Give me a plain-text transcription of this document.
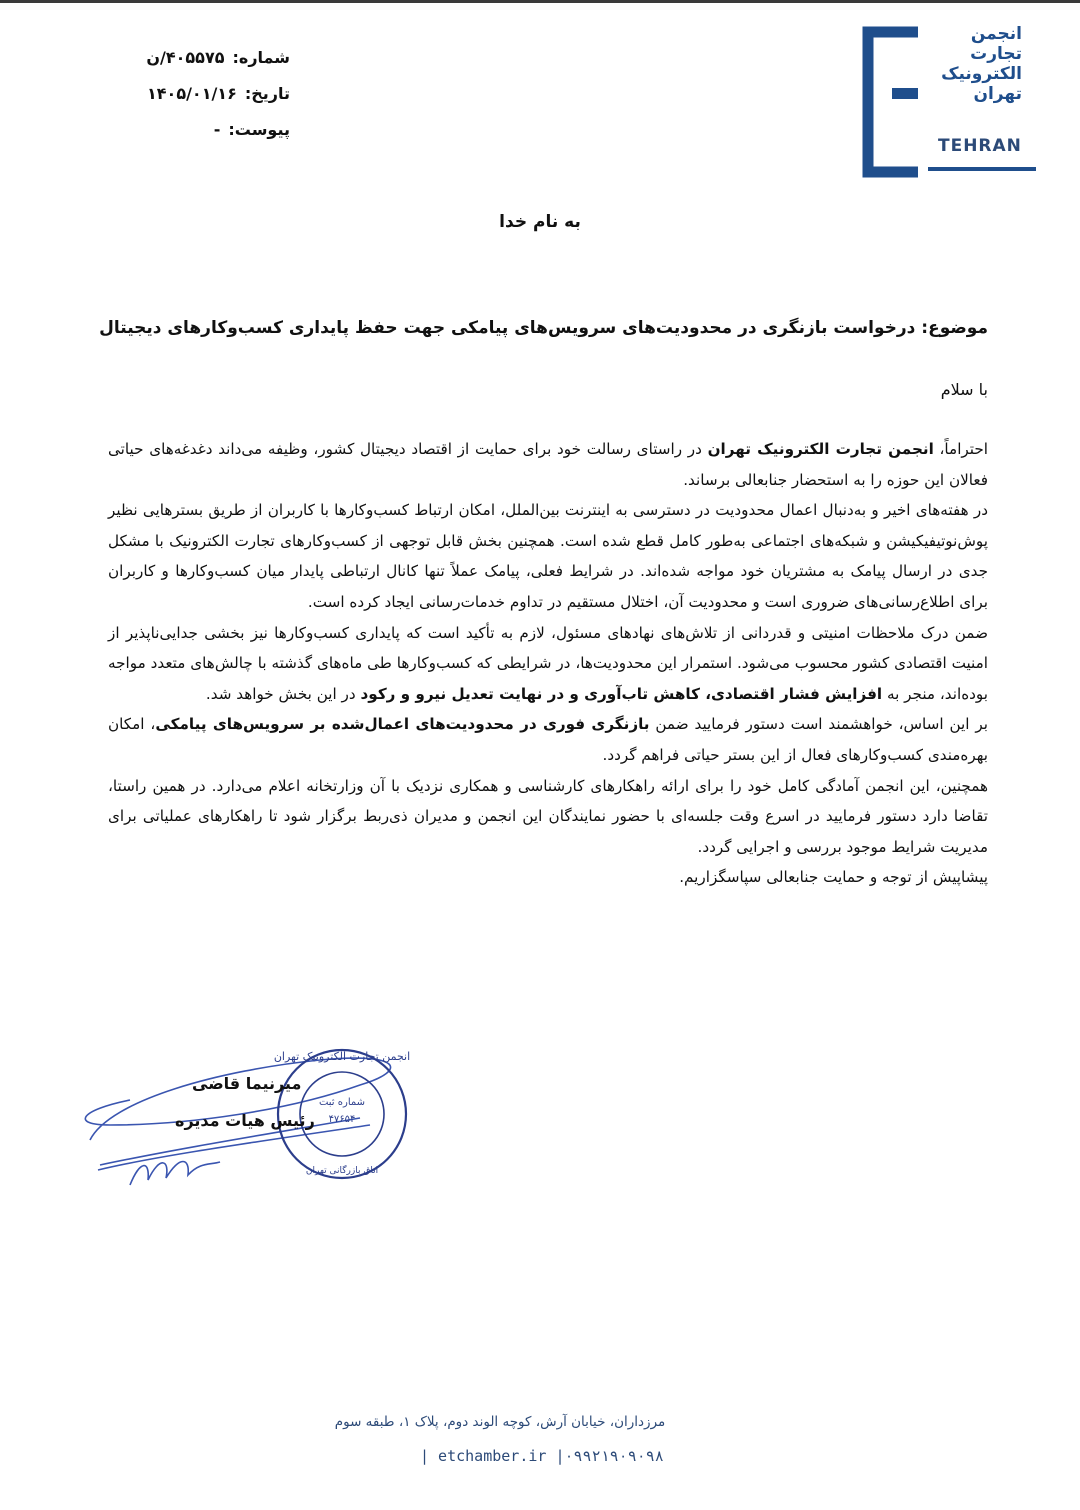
انجمن
تجارت
الکترونیک
تهران
TEHRAN
شماره:
۴۰۵۵۷۵/ن
تاریخ:
۱۴۰۵/۰۱/۱۶
پیوست:
-
به نام خدا
موضوع: درخواست بازنگری در محدودیت‌های سرویس‌های پیامکی جهت حفظ پایداری کسب‌وکارهای دیجیتال
با سلام

احتراماً، انجمن تجارت الکترونیک تهران در راستای رسالت خود برای حمایت از اقتصاد دیجیتال کشور، وظیفه می‌داند دغدغه‌های حیاتی فعالان این حوزه را به استحضار جنابعالی برساند.

در هفته‌های اخیر و به‌دنبال اعمال محدودیت در دسترسی به اینترنت بین‌الملل، امکان ارتباط کسب‌وکارها با کاربران از طریق بسترهایی نظیر پوش‌نوتیفیکیشن و شبکه‌های اجتماعی به‌طور کامل قطع شده است. همچنین بخش قابل توجهی از کسب‌وکارهای تجارت الکترونیک با مشکل جدی در ارسال پیامک به مشتریان خود مواجه شده‌اند. در شرایط فعلی، پیامک عملاً تنها کانال ارتباطی پایدار میان کسب‌وکارها و کاربران برای اطلاع‌رسانی‌های ضروری است و محدودیت آن، اختلال مستقیم در تداوم خدمات‌رسانی ایجاد کرده است.

ضمن درک ملاحظات امنیتی و قدردانی از تلاش‌های نهادهای مسئول، لازم به تأکید است که پایداری کسب‌وکارها نیز بخشی جدایی‌ناپذیر از امنیت اقتصادی کشور محسوب می‌شود. استمرار این محدودیت‌ها، در شرایطی که کسب‌وکارها طی ماه‌های گذشته با چالش‌های متعدد مواجه بوده‌اند، منجر به افزایش فشار اقتصادی، کاهش تاب‌آوری و در نهایت تعدیل نیرو و رکود در این بخش خواهد شد.

بر این اساس، خواهشمند است دستور فرمایید ضمن بازنگری فوری در محدودیت‌های اعمال‌شده بر سرویس‌های پیامکی، امکان بهره‌مندی کسب‌وکارهای فعال از این بستر حیاتی فراهم گردد.

همچنین، این انجمن آمادگی کامل خود را برای ارائه راهکارهای کارشناسی و همکاری نزدیک با آن وزارتخانه اعلام می‌دارد. در همین راستا، تقاضا دارد دستور فرمایید در اسرع وقت جلسه‌ای با حضور نمایندگان این انجمن و مدیران ذی‌ربط برگزار شود تا راهکارهای عملیاتی برای مدیریت شرایط موجود بررسی و اجرایی گردد.

پیشاپیش از توجه و حمایت جنابعالی سپاسگزاریم.

انجمن تجارت الکترونیک تهران
شماره ثبت
۴۷۶۵۴
اتاق بازرگانی تهران
میرنیما قاضی
رئیس هیات مدیره
مرزداران، خیابان آرش، کوچه الوند دوم، پلاک ۱، طبقه سوم
| etchamber.ir |۰۹۹۲۱۹۰۹۰۹۸
